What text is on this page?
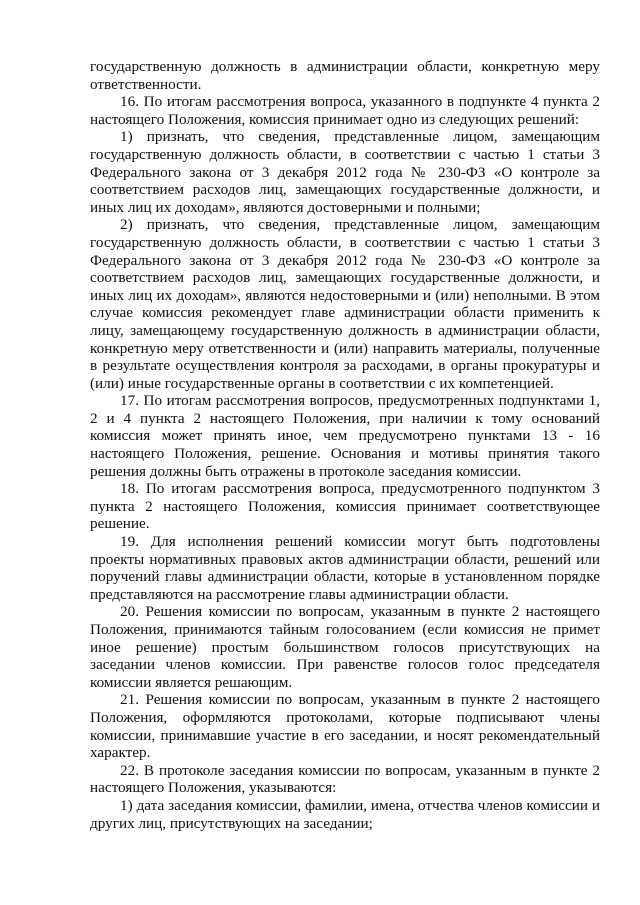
государственную должность в администрации области, конкретную меру ответственности.

16. По итогам рассмотрения вопроса, указанного в подпункте 4 пункта 2 настоящего Положения, комиссия принимает одно из следующих решений:

1) признать, что сведения, представленные лицом, замещающим государственную должность области, в соответствии с частью 1 статьи 3 Федерального закона от 3 декабря 2012 года № 230-ФЗ «О контроле за соответствием расходов лиц, замещающих государственные должности, и иных лиц их доходам», являются достоверными и полными;

2) признать, что сведения, представленные лицом, замещающим государственную должность области, в соответствии с частью 1 статьи 3 Федерального закона от 3 декабря 2012 года № 230-ФЗ «О контроле за соответствием расходов лиц, замещающих государственные должности, и иных лиц их доходам», являются недостоверными и (или) неполными. В этом случае комиссия рекомендует главе администрации области применить к лицу, замещающему государственную должность в администрации области, конкретную меру ответственности и (или) направить материалы, полученные в результате осуществления контроля за расходами, в органы прокуратуры и (или) иные государственные органы в соответствии с их компетенцией.

17. По итогам рассмотрения вопросов, предусмотренных подпунктами 1, 2 и 4 пункта 2 настоящего Положения, при наличии к тому оснований комиссия может принять иное, чем предусмотрено пунктами 13 - 16 настоящего Положения, решение. Основания и мотивы принятия такого решения должны быть отражены в протоколе заседания комиссии.

18. По итогам рассмотрения вопроса, предусмотренного подпунктом 3 пункта 2 настоящего Положения, комиссия принимает соответствующее решение.

19. Для исполнения решений комиссии могут быть подготовлены проекты нормативных правовых актов администрации области, решений или поручений главы администрации области, которые в установленном порядке представляются на рассмотрение главы администрации области.

20. Решения комиссии по вопросам, указанным в пункте 2 настоящего Положения, принимаются тайным голосованием (если комиссия не примет иное решение) простым большинством голосов присутствующих на заседании членов комиссии. При равенстве голосов голос председателя комиссии является решающим.

21. Решения комиссии по вопросам, указанным в пункте 2 настоящего Положения, оформляются протоколами, которые подписывают члены комиссии, принимавшие участие в его заседании, и носят рекомендательный характер.

22. В протоколе заседания комиссии по вопросам, указанным в пункте 2 настоящего Положения, указываются:

1) дата заседания комиссии, фамилии, имена, отчества членов комиссии и других лиц, присутствующих на заседании;
